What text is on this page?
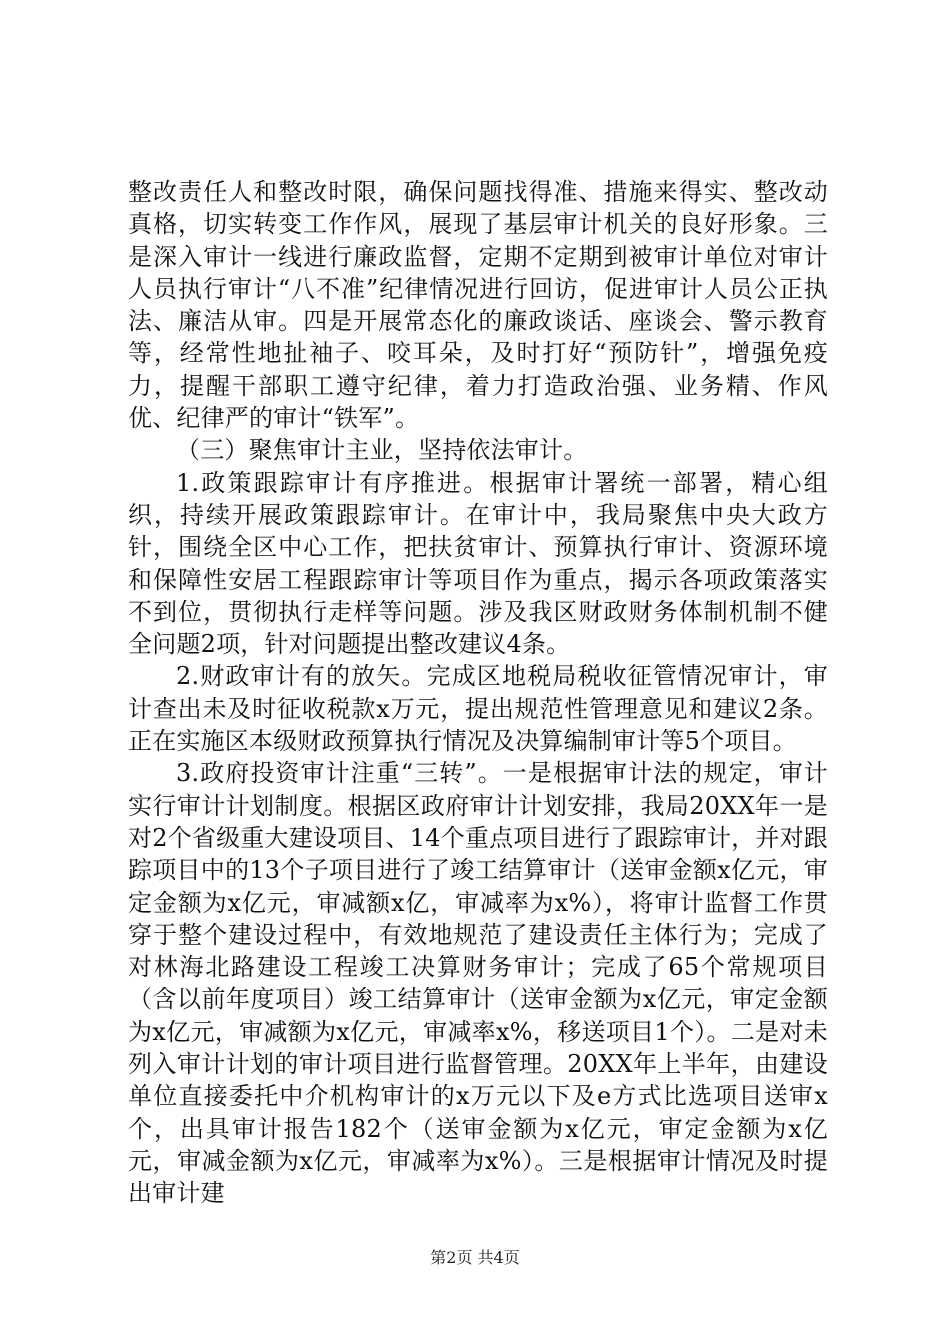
整改责任人和整改时限，确保问题找得准、措施来得实、整改动真格，切实转变工作作风，展现了基层审计机关的良好形象。三是深入审计一线进行廉政监督，定期不定期到被审计单位对审计人员执行审计“八不准”纪律情况进行回访，促进审计人员公正执法、廉洁从审。四是开展常态化的廉政谈话、座谈会、警示教育等，经常性地扯袖子、咬耳朵，及时打好“预防针”，增强免疫力，提醒干部职工遵守纪律，着力打造政治强、业务精、作风优、纪律严的审计“铁军”。

（三）聚焦审计主业，坚持依法审计。

1.政策跟踪审计有序推进。根据审计署统一部署，精心组织，持续开展政策跟踪审计。在审计中，我局聚焦中央大政方针，围绕全区中心工作，把扶贫审计、预算执行审计、资源环境和保障性安居工程跟踪审计等项目作为重点，揭示各项政策落实不到位，贯彻执行走样等问题。涉及我区财政财务体制机制不健全问题2项，针对问题提出整改建议4条。

2.财政审计有的放矢。完成区地税局税收征管情况审计，审计查出未及时征收税款x万元，提出规范性管理意见和建议2条。正在实施区本级财政预算执行情况及决算编制审计等5个项目。

3.政府投资审计注重“三转”。一是根据审计法的规定，审计实行审计计划制度。根据区政府审计计划安排，我局20XX年一是对2个省级重大建设项目、14个重点项目进行了跟踪审计，并对跟踪项目中的13个子项目进行了竣工结算审计（送审金额x亿元，审定金额为x亿元，审减额x亿，审减率为x%），将审计监督工作贯穿于整个建设过程中，有效地规范了建设责任主体行为；完成了对林海北路建设工程竣工决算财务审计；完成了65个常规项目（含以前年度项目）竣工结算审计（送审金额为x亿元，审定金额为x亿元，审减额为x亿元，审减率x%，移送项目1个）。二是对未列入审计计划的审计项目进行监督管理。20XX年上半年，由建设单位直接委托中介机构审计的x万元以下及e方式比选项目送审x个，出具审计报告182个（送审金额为x亿元，审定金额为x亿元，审减金额为x亿元，审减率为x%）。三是根据审计情况及时提出审计建

第2页 共4页
